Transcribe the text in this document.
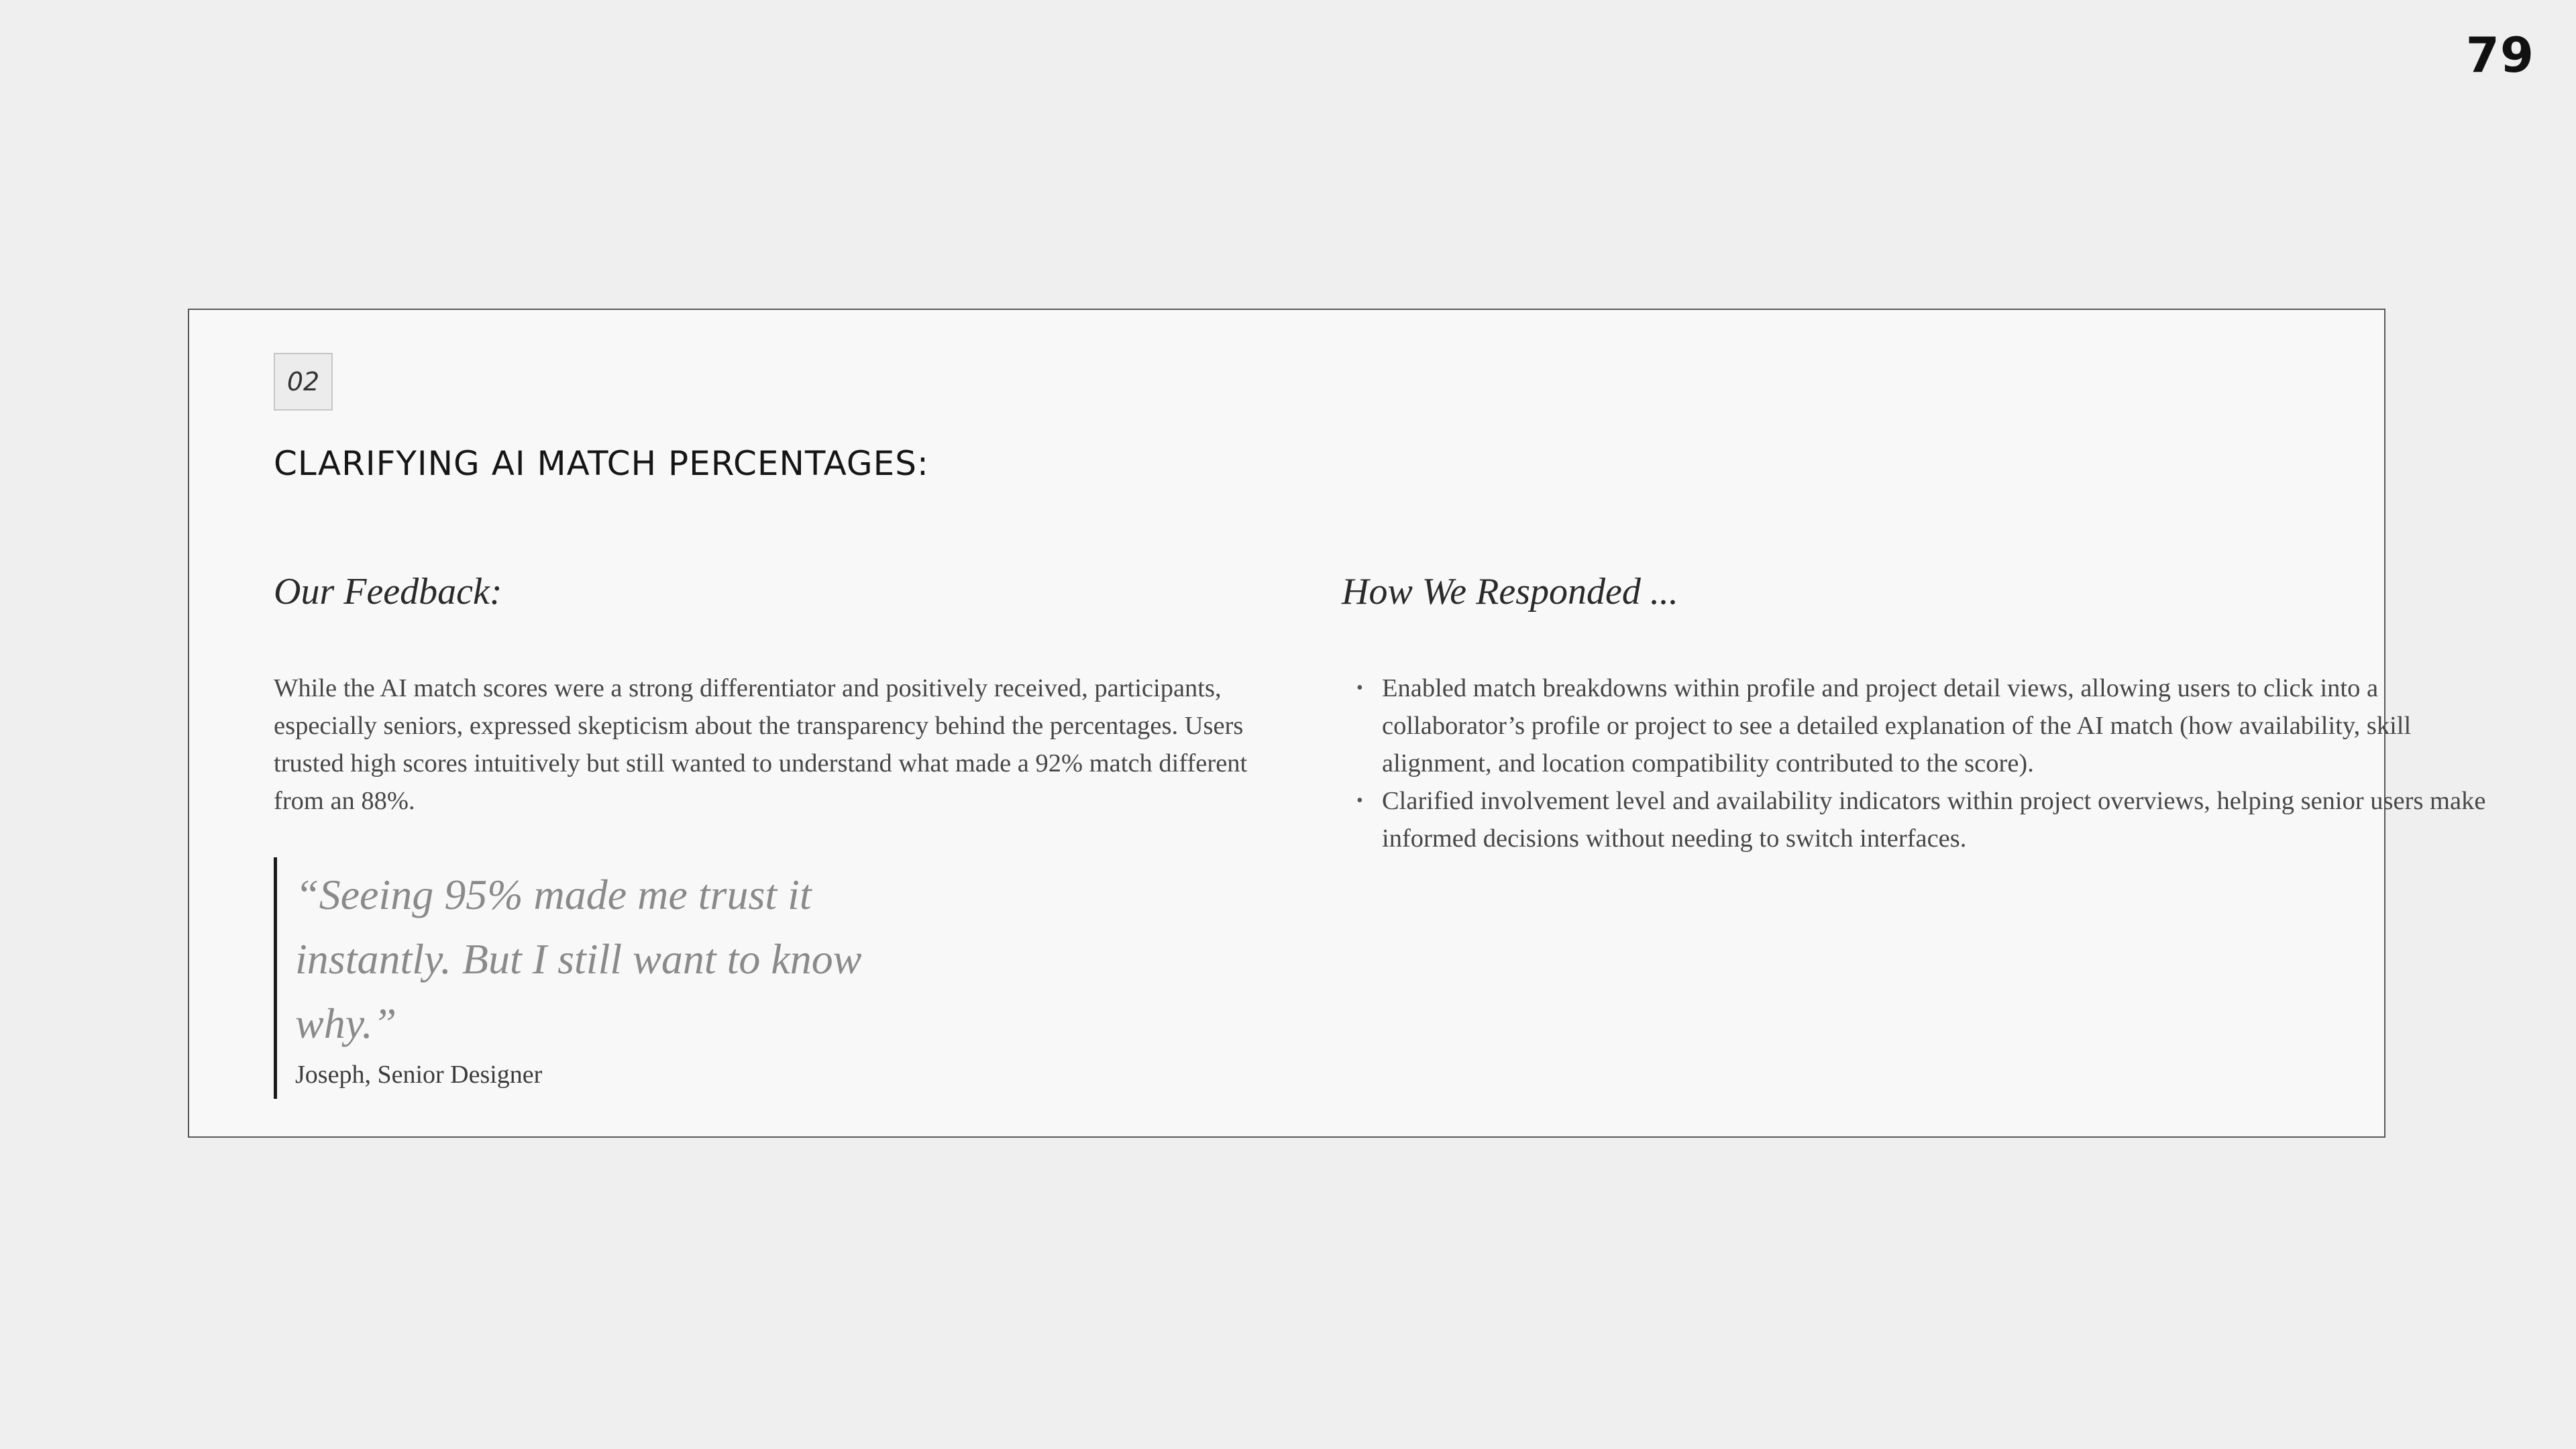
79
02
CLARIFYING AI MATCH PERCENTAGES:
Our Feedback:

While the AI match scores were a strong differentiator and positively received, participants, especially seniors, expressed skepticism about the transparency behind the percentages. Users trusted high scores intuitively but still wanted to understand what made a 92% match different from an 88%.

“Seeing 95% made me trust it instantly. But I still want to know why.”

Joseph, Senior Designer

How We Responded ...
• Enabled match breakdowns within profile and project detail views, allowing users to click into a collaborator’s profile or project to see a detailed explanation of the AI match (how availability, skill alignment, and location compatibility contributed to the score).
• Clarified involvement level and availability indicators within project overviews, helping senior users make informed decisions without needing to switch interfaces.
